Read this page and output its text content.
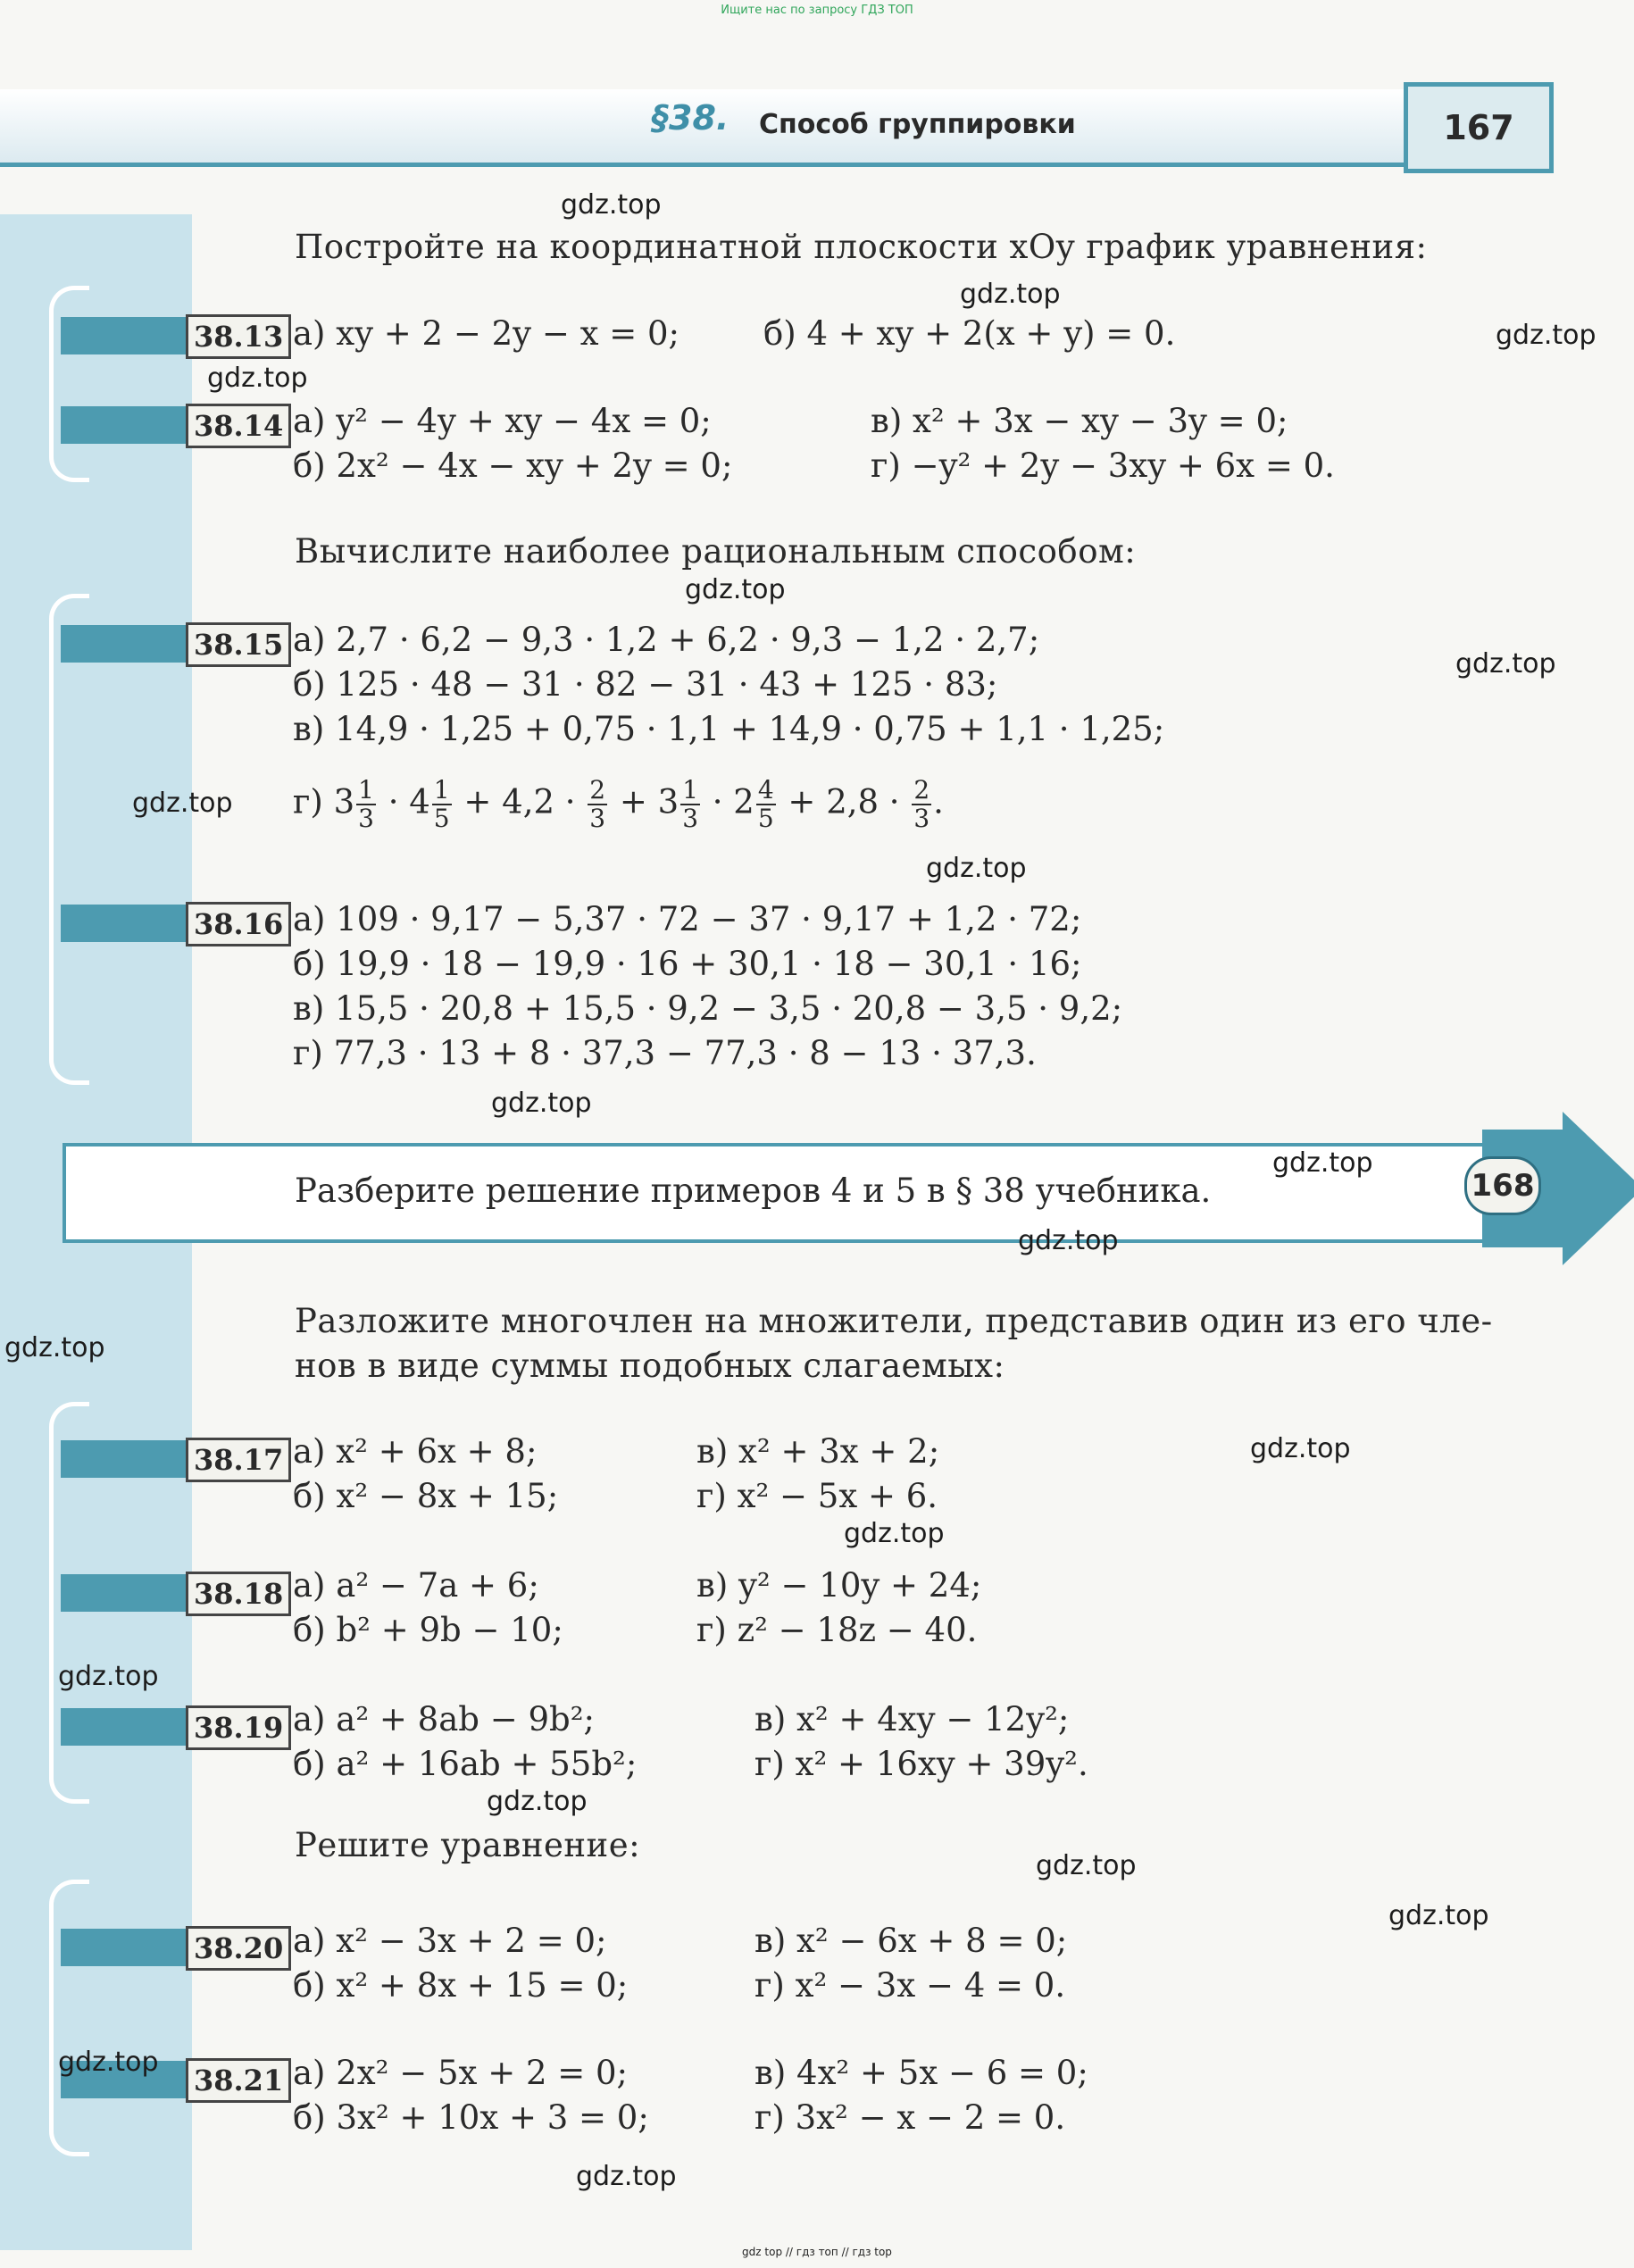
Ищите нас по запросу ГДЗ ТОП
§38. Способ группировки	167
Постройте на координатной плоскости xOy график уравнения:
38.13 а) xy + 2 − 2y − x = 0;	б) 4 + xy + 2(x + y) = 0.
38.14 а) y² − 4y + xy − 4x = 0;	в) x² + 3x − xy − 3y = 0;
б) 2x² − 4x − xy + 2y = 0;	г) −y² + 2y − 3xy + 6x = 0.
Вычислите наиболее рациональным способом:
38.15 а) 2,7 · 6,2 − 9,3 · 1,2 + 6,2 · 9,3 − 1,2 · 2,7;
б) 125 · 48 − 31 · 82 − 31 · 43 + 125 · 83;
в) 14,9 · 1,25 + 0,75 · 1,1 + 14,9 · 0,75 + 1,1 · 1,25;
г) $3 \frac{1}{3} \cdot 4 \frac{1}{5} + 4,2 \cdot \frac{2}{3} + 3 \frac{1}{3} \cdot 2 \frac{4}{5} + 2,8 \cdot \frac{2}{3}$ .
38.16 а) 109 · 9,17 − 5,37 · 72 − 37 · 9,17 + 1,2 · 72;
б) 19,9 · 18 − 19,9 · 16 + 30,1 · 18 − 30,1 · 16;
в) 15,5 · 20,8 + 15,5 · 9,2 − 3,5 · 20,8 − 3,5 · 9,2;
г) 77,3 · 13 + 8 · 37,3 − 77,3 · 8 − 13 · 37,3.
Разберите решение примеров 4 и 5 в § 38 учебника.	168
Разложите многочлен на множители, представив один из его чле-
нов в виде суммы подобных слагаемых:
38.17 а) x² + 6x + 8;	в) x² + 3x + 2;
б) x² − 8x + 15;	г) x² − 5x + 6.
38.18 а) a² − 7a + 6;	в) y² − 10y + 24;
б) b² + 9b − 10;	г) z² − 18z − 40.
38.19 а) a² + 8ab − 9b²;	в) x² + 4xy − 12y²;
б) a² + 16ab + 55b²;	г) x² + 16xy + 39y².
Решите уравнение:
38.20 а) x² − 3x + 2 = 0;	в) x² − 6x + 8 = 0;
б) x² + 8x + 15 = 0;	г) x² − 3x − 4 = 0.
38.21 а) 2x² − 5x + 2 = 0;	в) 4x² + 5x − 6 = 0;
б) 3x² + 10x + 3 = 0;	г) 3x² − x − 2 = 0.
gdz.top
gdz.top
gdz.top
gdz.top
gdz.top
gdz.top
gdz.top
gdz.top
gdz.top
gdz.top
gdz.top
gdz.top
gdz.top
gdz.top
gdz.top
gdz.top
gdz.top
gdz.top
gdz.top
gdz.top
gdz top // гдз топ // гдз top
